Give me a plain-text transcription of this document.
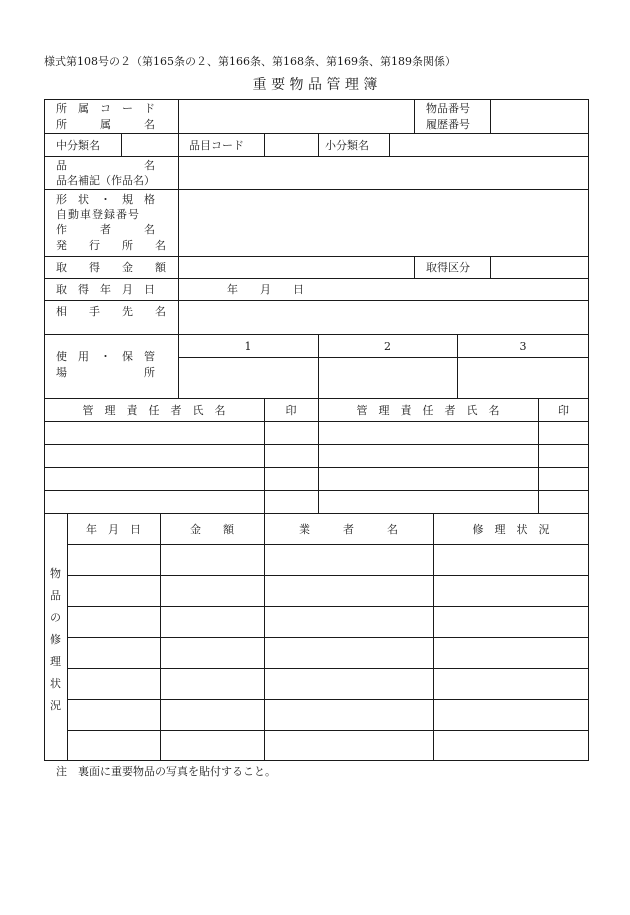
様式第108号の２（第165条の２、第166条、第168条、第169条、第189条関係）
重 要 物 品 管 理 簿
所　属　コ　ー　ド
所　　　属　　　名
物品番号
履歴番号
中分類名	品目コード	小分類名
品　　　　　　　名
品名補記（作品名）
形　状　・　規　格
自動車登録番号
作　　　者　　　名
発　　行　　所　　名
取　　得　　金　　額	取得区分
取　得　年　月　日	年　　月　　日
相　　手　　先　　名
使　用　・　保　管
場　　　　　　　所
1	2	3
管　理　責　任　者　氏　名	印	管　理　責　任　者　氏　名	印
物
品
の
修
理
状
況
年　月　日	金　　額	業　　　者　　　名	修　理　状　況
注　裏面に重要物品の写真を貼付すること。
